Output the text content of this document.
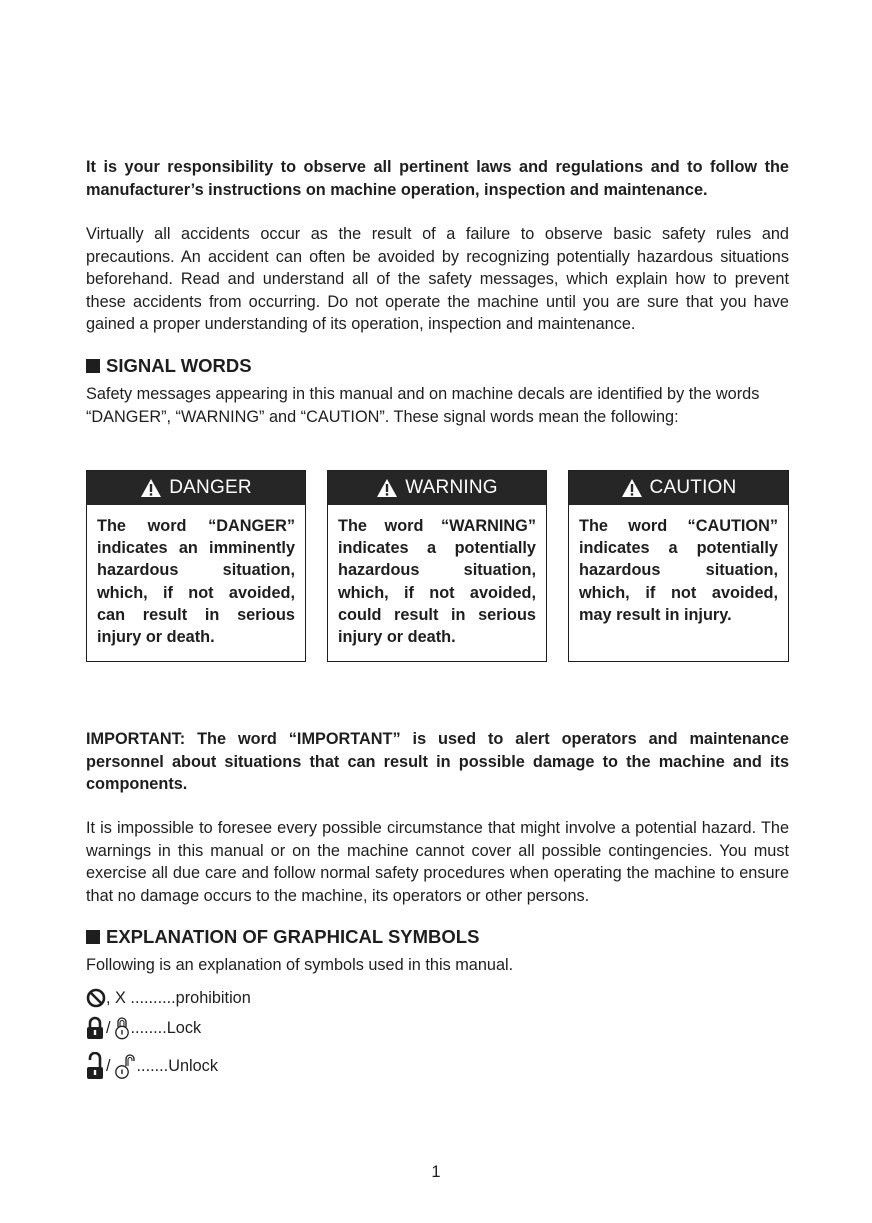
It is your responsibility to observe all pertinent laws and regulations and to follow the manufacturer’s instructions on machine operation, inspection and maintenance.

Virtually all accidents occur as the result of a failure to observe basic safety rules and precautions. An accident can often be avoided by recognizing potentially hazardous situations beforehand. Read and understand all of the safety messages, which explain how to prevent these accidents from occurring. Do not operate the machine until you are sure that you have gained a proper understanding of its operation, inspection and maintenance.

SIGNAL WORDS

Safety messages appearing in this manual and on machine decals are identified by the words “DANGER”, “WARNING” and “CAUTION”. These signal words mean the following:

DANGER
The word “DANGER” indicates an imminently hazardous situation, which, if not avoided, can result in serious injury or death.
WARNING
The word “WARNING” indicates a potentially hazardous situation, which, if not avoided, could result in serious injury or death.
CAUTION
The word “CAUTION” indicates a potentially hazardous situation, which, if not avoided, may result in injury.

IMPORTANT: The word “IMPORTANT” is used to alert operators and maintenance personnel about situations that can result in possible damage to the machine and its components.

It is impossible to foresee every possible circumstance that might involve a potential hazard. The warnings in this manual or on the machine cannot cover all possible contingencies. You must exercise all due care and follow normal safety procedures when operating the machine to ensure that no damage occurs to the machine, its operators or other persons.

EXPLANATION OF GRAPHICAL SYMBOLS

Following is an explanation of symbols used in this manual.

, X ..........prohibition
/ ........Lock
/ .......Unlock
1
